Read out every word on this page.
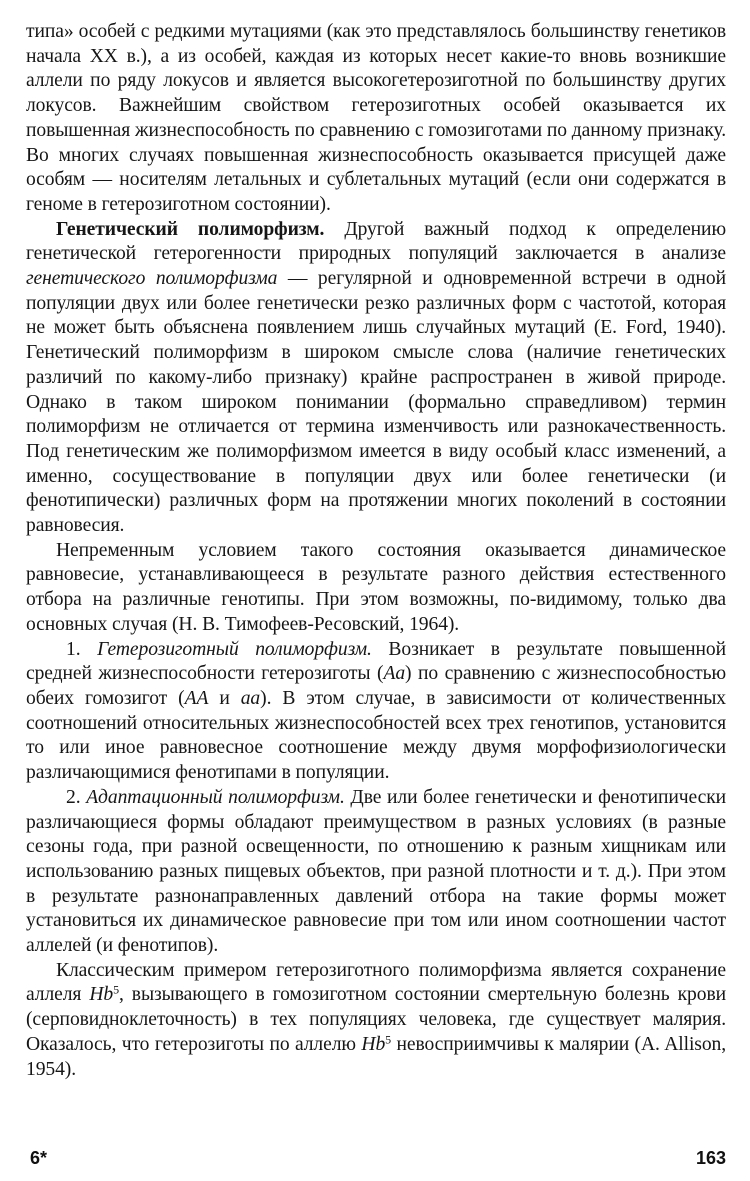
типа» особей с редкими мутациями (как это представлялось большинству генетиков начала XX в.), а из особей, каждая из которых несет какие-то вновь возникшие аллели по ряду локусов и является высокогетерозиготной по большинству других локусов. Важнейшим свойством гетерозиготных особей оказывается их повышенная жизнеспособность по сравнению с гомозиготами по данному признаку. Во многих случаях повышенная жизнеспособность оказывается присущей даже особям — носителям летальных и сублетальных мутаций (если они содержатся в геноме в гетерозиготном состоянии).

Генетический полиморфизм. Другой важный подход к определению генетической гетерогенности природных популяций заключается в анализе генетического полиморфизма — регулярной и одновременной встречи в одной популяции двух или более генетически резко различных форм с частотой, которая не может быть объяснена появлением лишь случайных мутаций (E. Ford, 1940). Генетический полиморфизм в широком смысле слова (наличие генетических различий по какому-либо признаку) крайне распространен в живой природе. Однако в таком широком понимании (формально справедливом) термин полиморфизм не отличается от термина изменчивость или разнокачественность. Под генетическим же полиморфизмом имеется в виду особый класс изменений, а именно, сосуществование в популяции двух или более генетически (и фенотипически) различных форм на протяжении многих поколений в состоянии равновесия.

Непременным условием такого состояния оказывается динамическое равновесие, устанавливающееся в результате разного действия естественного отбора на различные генотипы. При этом возможны, по-видимому, только два основных случая (Н. В. Тимофеев-Ресовский, 1964).

1. Гетерозиготный полиморфизм. Возникает в результате повышенной средней жизнеспособности гетерозиготы (Aa) по сравнению с жизнеспособностью обеих гомозигот (AA и aa). В этом случае, в зависимости от количественных соотношений относительных жизнеспособностей всех трех генотипов, установится то или иное равновесное соотношение между двумя морфофизиологически различающимися фенотипами в популяции.

2. Адаптационный полиморфизм. Две или более генетически и фенотипически различающиеся формы обладают преимуществом в разных условиях (в разные сезоны года, при разной освещенности, по отношению к разным хищникам или использованию разных пищевых объектов, при разной плотности и т. д.). При этом в результате разнонаправленных давлений отбора на такие формы может установиться их динамическое равновесие при том или ином соотношении частот аллелей (и фенотипов).

Классическим примером гетерозиготного полиморфизма является сохранение аллеля Hb$^5$, вызывающего в гомозиготном состоянии смертельную болезнь крови (серповидноклеточность) в тех популяциях человека, где существует малярия. Оказалось, что гетерозиготы по аллелю Hb$^5$ невосприимчивы к малярии (A. Allison, 1954).

6*	163
